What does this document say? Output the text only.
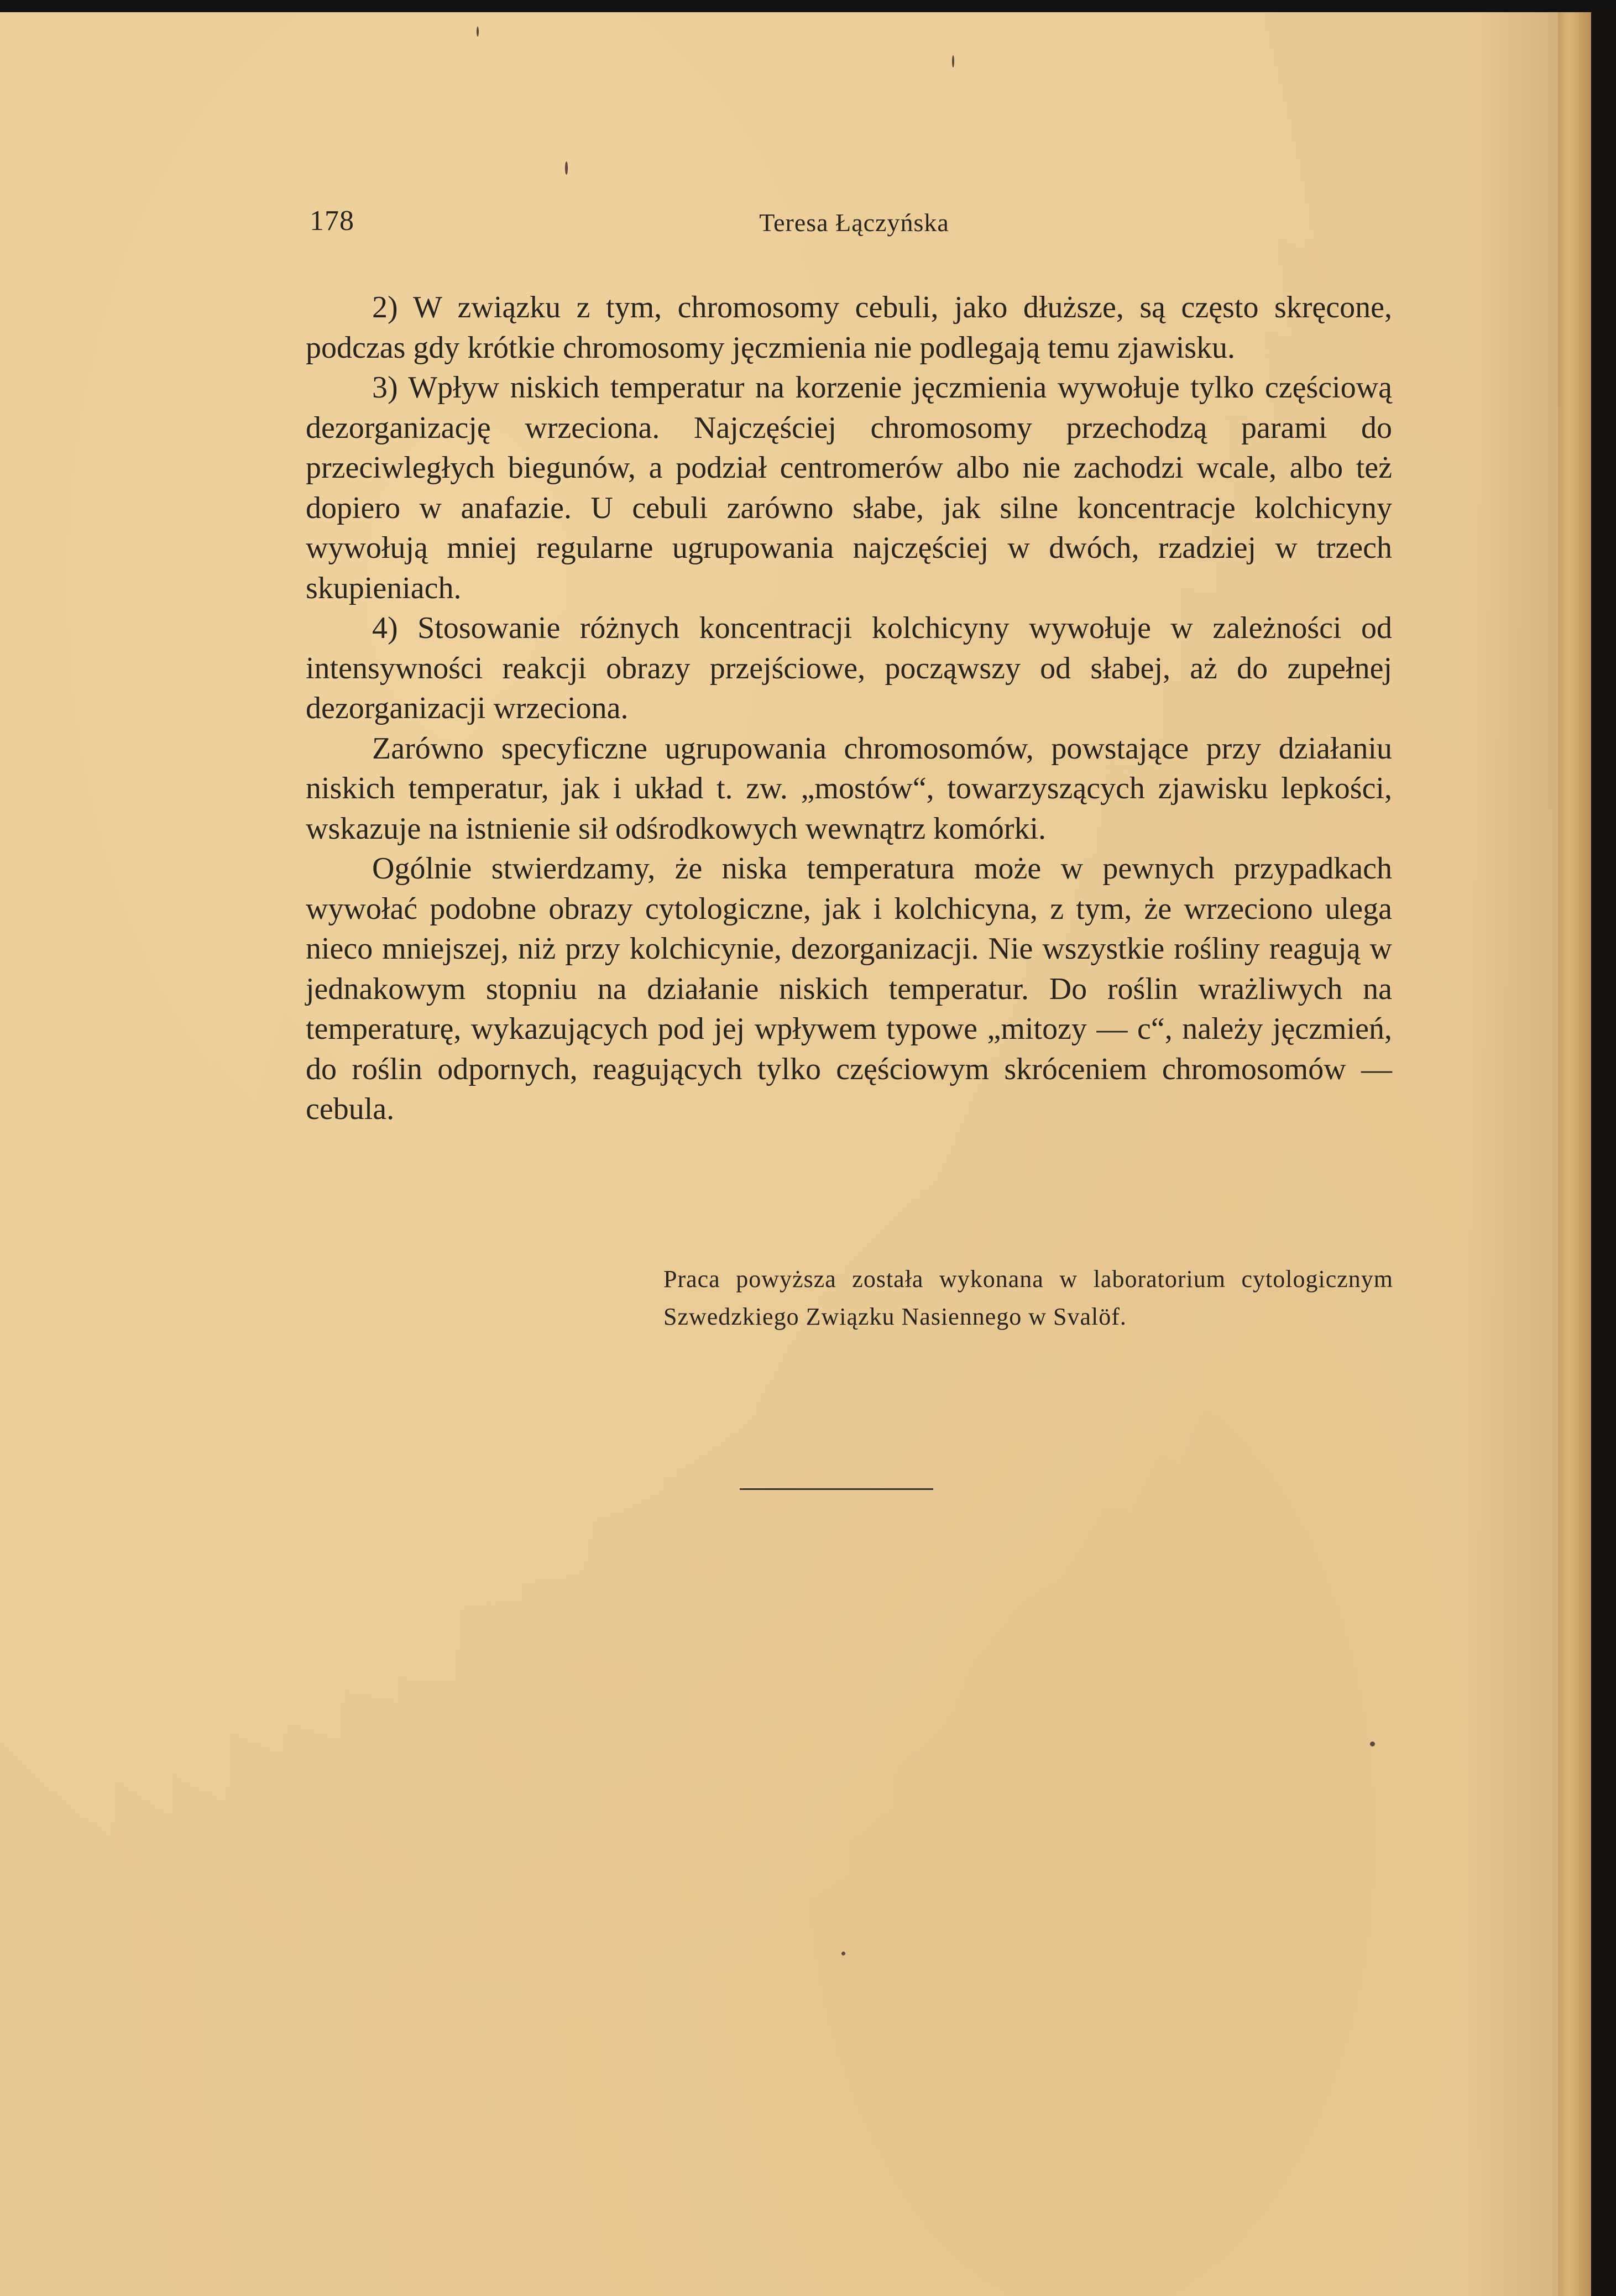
178	Teresa Łączyńska

2) W związku z tym, chromosomy cebuli, jako dłuższe, są często skręcone, podczas gdy krótkie chromosomy jęczmienia nie podlegają temu zjawisku.

3) Wpływ niskich temperatur na korzenie jęczmienia wywołuje tylko częściową dezorganizację wrzeciona. Najczęściej chromosomy przechodzą parami do przeciwległych biegunów, a podział centromerów albo nie zachodzi wcale, albo też dopiero w anafazie. U cebuli zarówno słabe, jak silne koncentracje kolchicyny wywołują mniej regularne ugrupowania najczęściej w dwóch, rzadziej w trzech skupieniach.

4) Stosowanie różnych koncentracji kolchicyny wywołuje w zależności od intensywności reakcji obrazy przejściowe, począwszy od słabej, aż do zupełnej dezorganizacji wrzeciona.

Zarówno specyficzne ugrupowania chromosomów, powstające przy działaniu niskich temperatur, jak i układ t. zw. „mostów“, towarzyszących zjawisku lepkości, wskazuje na istnienie sił odśrodkowych wewnątrz komórki.

Ogólnie stwierdzamy, że niska temperatura może w pewnych przypadkach wywołać podobne obrazy cytologiczne, jak i kolchicyna, z tym, że wrzeciono ulega nieco mniejszej, niż przy kolchicynie, dezorganizacji. Nie wszystkie rośliny reagują w jednakowym stopniu na działanie niskich temperatur. Do roślin wrażliwych na temperaturę, wykazujących pod jej wpływem typowe „mitozy — c“, należy jęczmień, do roślin odpornych, reagujących tylko częściowym skróceniem chromosomów — cebula.

Praca powyższa została wykonana w laboratorium cytologicznym Szwedzkiego Związku Nasiennego w Svalöf.
